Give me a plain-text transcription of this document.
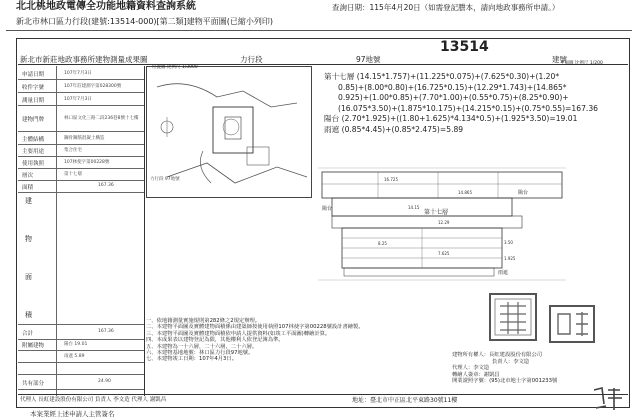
北北桃地政電傳全功能地籍資料查詢系統	查詢日期：115年4月20日（如需登記謄本，請向地政事務所申請。）
新北市林口區力行段(建號:13514-000)[第二類]建物平面圖(已縮小列印)
新北市新莊地政事務所建物測量成果圖	力行段	97地號
13514
建號
申請日期	107年7月3日
收件字號	107年莊建測字第028300號
測量日期	107年7月3日
建物門牌	林口區文化三路二段236巷8號十七樓
主體結構	鋼骨鋼筋混凝土構造
主要用途	集合住宅
使用執照	107林使字第00228號
層次	第十七層
面積	167.36
建
物
面
積
合計	167.36
附屬建物	陽台 19.01
雨遮 5.89
共有部分	24.90
位置圖 比例尺 1/3000
力行段 97地號
第十七層 (14.15*1.757)+(11.225*0.075)+(7.625*0.30)+(1.20*
0.85)+(8.00*0.80)+(16.725*0.15)+(12.29*1.743)+(14.865*
0.925)+(1.00*0.85)+(7.70*1.00)+(0.55*0.75)+(8.25*0.90)+
(16.075*3.50)+(1.875*10.175)+(14.215*0.15)+(0.75*0.55)=167.36
陽台 (2.70*1.925)+((1.80+1.625)*4.134*0.5)+(1.925*3.50)=19.01
雨遮 (0.85*4.45)+(0.85*2.475)=5.89
平面圖 比例尺 1/200
第十七層
陽台
陽台
雨遮
16.725
14.865
14.15
12.29
8.25
7.625
3.50
1.925
一、依地籍測量實施規則第282條之2規定辦理。
二、本建物平面圖及實體建物面積係由建築師按使用執照107林使字第00228號設計書繪製。
三、本建物平面圖及實體建物面積依申請人提供資料(如竣工平面圖)轉繪計算。
四、本成果表以建物登記為限，其他權利人依登記簿為準。
五、本建物為一十六層，二十六層，二十六層。
六、本建物基地地號：林口區力行段97地號。
七、本建物竣工日期：107年4月3日。
建物所有權人：長虹建設股份有限公司
負責人：李文造
代理人：李文造
轉繪人簽章：謝凱昌
開業證照字號：(95)北市地士字第001233號
代理人 長虹建設股份有限公司 負責人 李文造 代理人 謝凱昌	地址：臺北市中正區北平東路30號11樓
本案業經上述申請人主管簽名
